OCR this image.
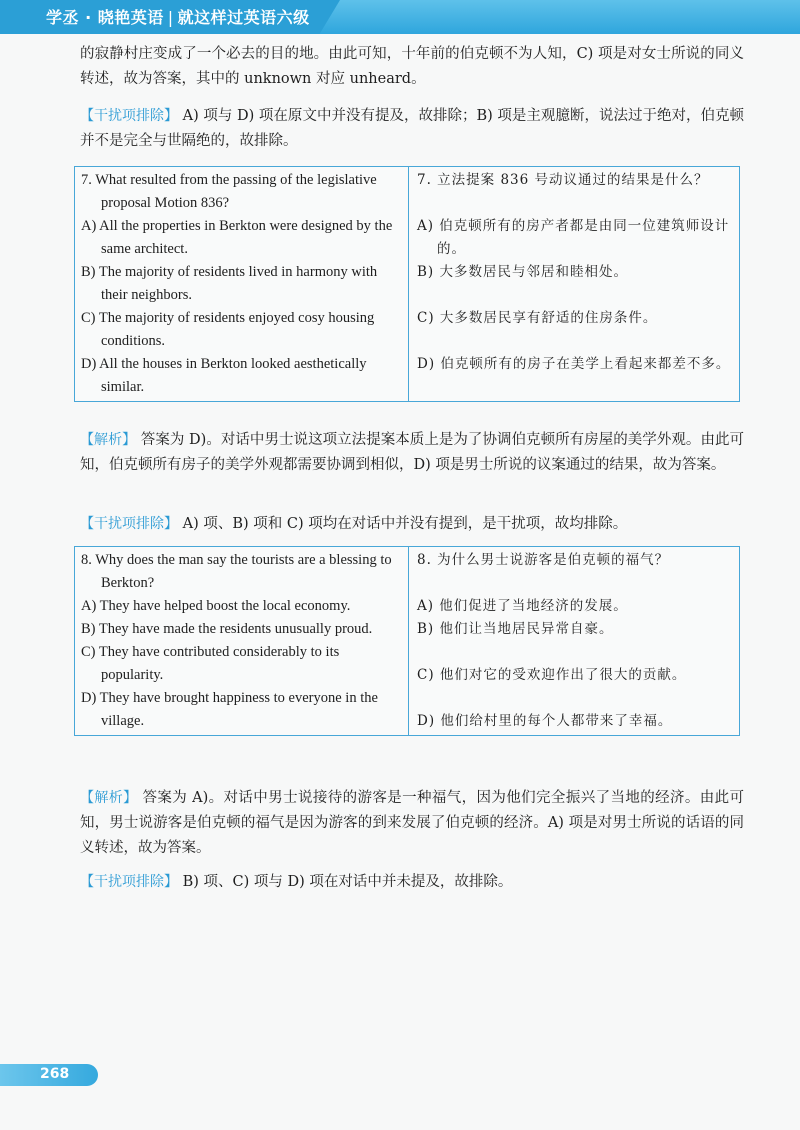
学丞 · 晓艳英语 | 就这样过英语六级
的寂静村庄变成了一个必去的目的地。由此可知，十年前的伯克顿不为人知，C) 项是对女士所说的同义转述，故为答案，其中的 unknown 对应 unheard。
【干扰项排除】 A) 项与 D) 项在原文中并没有提及，故排除；B) 项是主观臆断，说法过于绝对，伯克顿并不是完全与世隔绝的，故排除。
7. What resulted from the passing of the legislative proposal Motion 836?
A) All the properties in Berkton were designed by the same architect.
B) The majority of residents lived in harmony with their neighbors.
C) The majority of residents enjoyed cosy housing conditions.
D) All the houses in Berkton looked aesthetically similar.
7. 立法提案 836 号动议通过的结果是什么？
A) 伯克顿所有的房产者都是由同一位建筑师设计的。
B) 大多数居民与邻居和睦相处。
C) 大多数居民享有舒适的住房条件。
D) 伯克顿所有的房子在美学上看起来都差不多。
【解析】 答案为 D)。对话中男士说这项立法提案本质上是为了协调伯克顿所有房屋的美学外观。由此可知，伯克顿所有房子的美学外观都需要协调到相似，D) 项是男士所说的议案通过的结果，故为答案。
【干扰项排除】 A) 项、B) 项和 C) 项均在对话中并没有提到，是干扰项，故均排除。
8. Why does the man say the tourists are a blessing to Berkton?
A) They have helped boost the local economy.
B) They have made the residents unusually proud.
C) They have contributed considerably to its popularity.
D) They have brought happiness to everyone in the village.
8. 为什么男士说游客是伯克顿的福气？
A) 他们促进了当地经济的发展。
B) 他们让当地居民异常自豪。
C) 他们对它的受欢迎作出了很大的贡献。
D) 他们给村里的每个人都带来了幸福。
【解析】 答案为 A)。对话中男士说接待的游客是一种福气，因为他们完全振兴了当地的经济。由此可知，男士说游客是伯克顿的福气是因为游客的到来发展了伯克顿的经济。A) 项是对男士所说的话语的同义转述，故为答案。
【干扰项排除】 B) 项、C) 项与 D) 项在对话中并未提及，故排除。
268
